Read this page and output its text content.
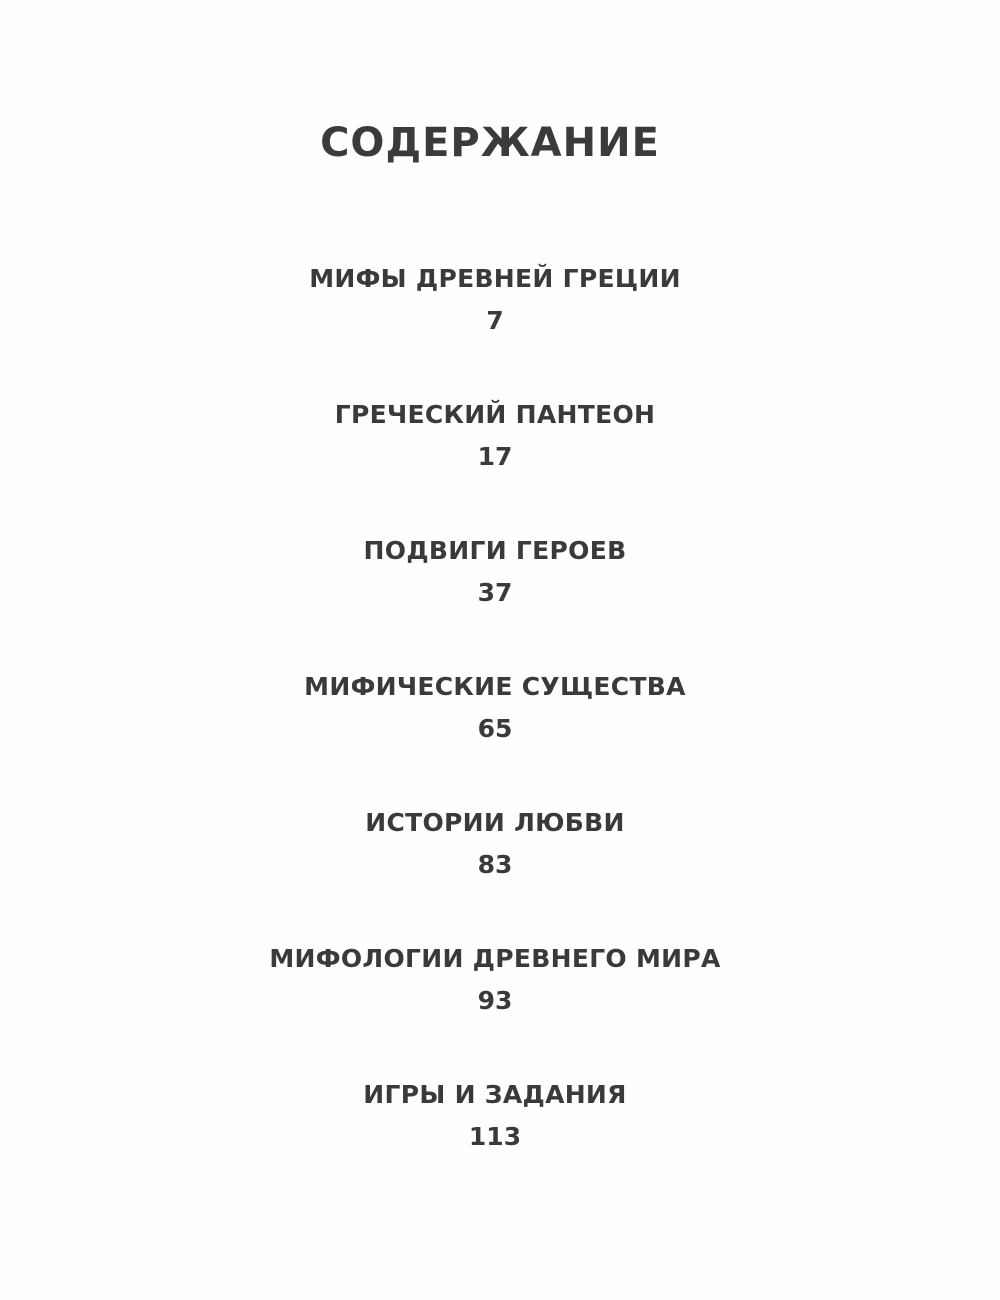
СОДЕРЖАНИЕ
МИФЫ ДРЕВНЕЙ ГРЕЦИИ
7
ГРЕЧЕСКИЙ ПАНТЕОН
17
ПОДВИГИ ГЕРОЕВ
37
МИФИЧЕСКИЕ СУЩЕСТВА
65
ИСТОРИИ ЛЮБВИ
83
МИФОЛОГИИ ДРЕВНЕГО МИРА
93
ИГРЫ И ЗАДАНИЯ
113
